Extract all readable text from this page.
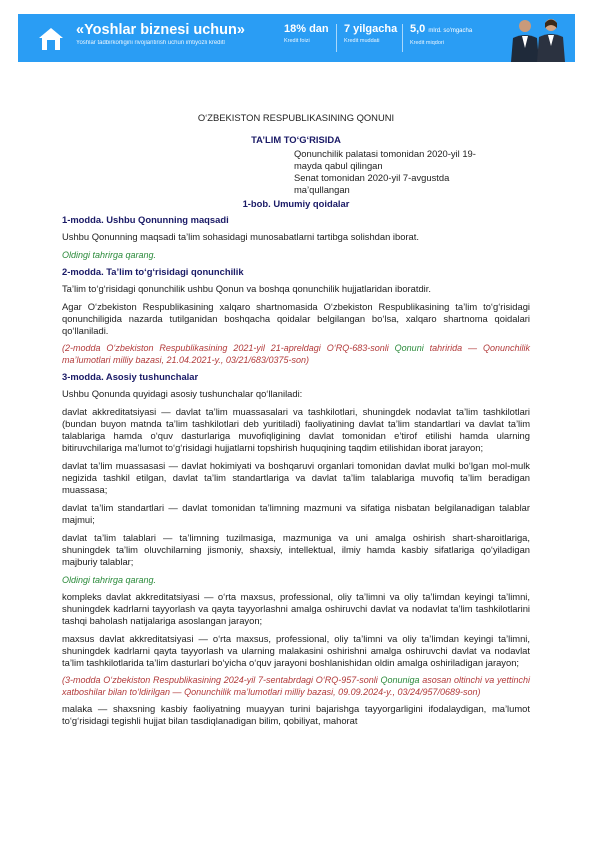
«Yoshlar biznesi uchun»
Yoshlar tadbirkorligini rivojlantirish uchun imtiyozli kreditl
18% dan
Kredit foizi
7 yilgacha
Kredit muddati
5,0 mlrd. so'mgacha
Kredit miqdori
O‘ZBEKISTON RESPUBLIKASINING QONUNI
TA’LIM TO‘G‘RISIDA
Qonunchilik palatasi tomonidan 2020-yil 19-
mayda qabul qilingan
Senat tomonidan 2020-yil 7-avgustda
ma’qullangan
1-bob. Umumiy qoidalar
1-modda. Ushbu Qonunning maqsadi

Ushbu Qonunning maqsadi ta’lim sohasidagi munosabatlarni tartibga solishdan iborat.

Oldingi tahrirga qarang.
2-modda. Ta’lim to‘g‘risidagi qonunchilik

Ta’lim to‘g‘risidagi qonunchilik ushbu Qonun va boshqa qonunchilik hujjatlaridan iboratdir.

Agar O‘zbekiston Respublikasining xalqaro shartnomasida O‘zbekiston Respublikasining ta’lim to‘g‘risidagi qonunchiligida nazarda tutilganidan boshqacha qoidalar belgilangan bo‘lsa, xalqaro shartnoma qoidalari qo‘llaniladi.

(2-modda O‘zbekiston Respublikasining 2021-yil 21-apreldagi O‘RQ-683-sonli Qonuni tahririda — Qonunchilik ma’lumotlari milliy bazasi, 21.04.2021-y., 03/21/683/0375-son)
3-modda. Asosiy tushunchalar

Ushbu Qonunda quyidagi asosiy tushunchalar qo‘llaniladi:

davlat akkreditatsiyasi — davlat ta’lim muassasalari va tashkilotlari, shuningdek nodavlat ta’lim tashkilotlari (bundan buyon matnda ta’lim tashkilotlari deb yuritiladi) faoliyatining davlat ta’lim standartlari va davlat ta’lim talablariga hamda o‘quv dasturlariga muvofiqligining davlat tomonidan e’tirof etilishi hamda ularning bitiruvchilariga ma’lumot to‘g‘risidagi hujjatlarni topshirish huquqining taqdim etilishidan iborat jarayon;

davlat ta’lim muassasasi — davlat hokimiyati va boshqaruvi organlari tomonidan davlat mulki bo‘lgan mol-mulk negizida tashkil etilgan, davlat ta’lim standartlariga va davlat ta’lim talablariga muvofiq ta’lim beradigan muassasa;

davlat ta’lim standartlari — davlat tomonidan ta’limning mazmuni va sifatiga nisbatan belgilanadigan talablar majmui;

davlat ta’lim talablari — ta’limning tuzilmasiga, mazmuniga va uni amalga oshirish shart-sharoitlariga, shuningdek ta’lim oluvchilarning jismoniy, shaxsiy, intellektual, ilmiy hamda kasbiy sifatlariga qo‘yiladigan majburiy talablar;

Oldingi tahrirga qarang.

kompleks davlat akkreditatsiyasi — o‘rta maxsus, professional, oliy ta’limni va oliy ta’limdan keyingi ta’limni, shuningdek kadrlarni tayyorlash va qayta tayyorlashni amalga oshiruvchi davlat va nodavlat ta’lim tashkilotlarini tashqi baholash natijalariga asoslangan jarayon;

maxsus davlat akkreditatsiyasi — o‘rta maxsus, professional, oliy ta’limni va oliy ta’limdan keyingi ta’limni, shuningdek kadrlarni qayta tayyorlash va ularning malakasini oshirishni amalga oshiruvchi davlat va nodavlat ta’lim tashkilotlarida ta’lim dasturlari bo‘yicha o‘quv jarayoni boshlanishidan oldin amalga oshiriladigan jarayon;

(3-modda O‘zbekiston Respublikasining 2024-yil 7-sentabrdagi O‘RQ-957-sonli Qonuniga asosan oltinchi va yettinchi xatboshilar bilan to‘ldirilgan — Qonunchilik ma’lumotlari milliy bazasi, 09.09.2024-y., 03/24/957/0689-son)

malaka — shaxsning kasbiy faoliyatning muayyan turini bajarishga tayyorgarligini ifodalaydigan, ma’lumot to‘g‘risidagi tegishli hujjat bilan tasdiqlanadigan bilim, qobiliyat, mahorat
